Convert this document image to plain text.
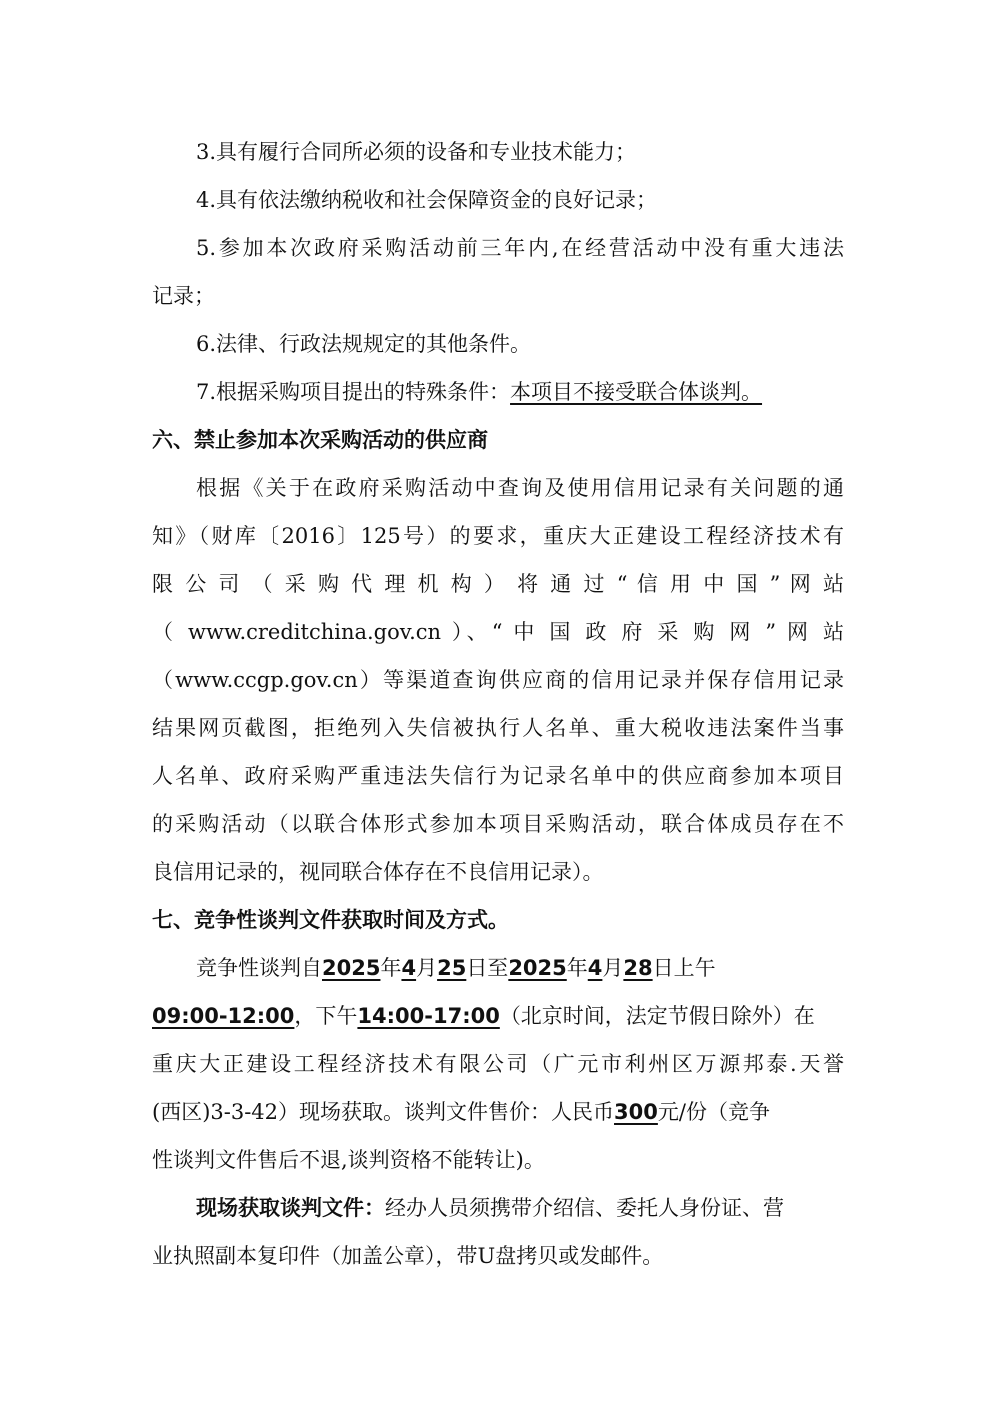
3.具有履行合同所必须的设备和专业技术能力；
4.具有依法缴纳税收和社会保障资金的良好记录；
5.参加本次政府采购活动前三年内,在经营活动中没有重大违法
记录；
6.法律、行政法规规定的其他条件。
7.根据采购项目提出的特殊条件：本项目不接受联合体谈判。
六、禁止参加本次采购活动的供应商
根据《关于在政府采购活动中查询及使用信用记录有关问题的通
知》（财库〔2016〕125号）的要求，重庆大正建设工程经济技术有
限 公 司 （ 采 购 代 理 机 构 ） 将 通 过 “ 信 用 中 国 ” 网 站
（ www.creditchina.gov.cn ）、“ 中 国 政 府 采 购 网 ” 网 站
（www.ccgp.gov.cn）等渠道查询供应商的信用记录并保存信用记录
结果网页截图，拒绝列入失信被执行人名单、重大税收违法案件当事
人名单、政府采购严重违法失信行为记录名单中的供应商参加本项目
的采购活动（以联合体形式参加本项目采购活动，联合体成员存在不
良信用记录的，视同联合体存在不良信用记录）。
七、竞争性谈判文件获取时间及方式。
竞争性谈判自2025年4月25日至2025年4月28日上午
09:00-12:00，下午14:00-17:00（北京时间，法定节假日除外）在
重庆大正建设工程经济技术有限公司（广元市利州区万源邦泰.天誉
(西区)3-3-42）现场获取。谈判文件售价：人民币300元/份（竞争
性谈判文件售后不退,谈判资格不能转让)。
现场获取谈判文件：经办人员须携带介绍信、委托人身份证、营
业执照副本复印件（加盖公章），带U盘拷贝或发邮件。
